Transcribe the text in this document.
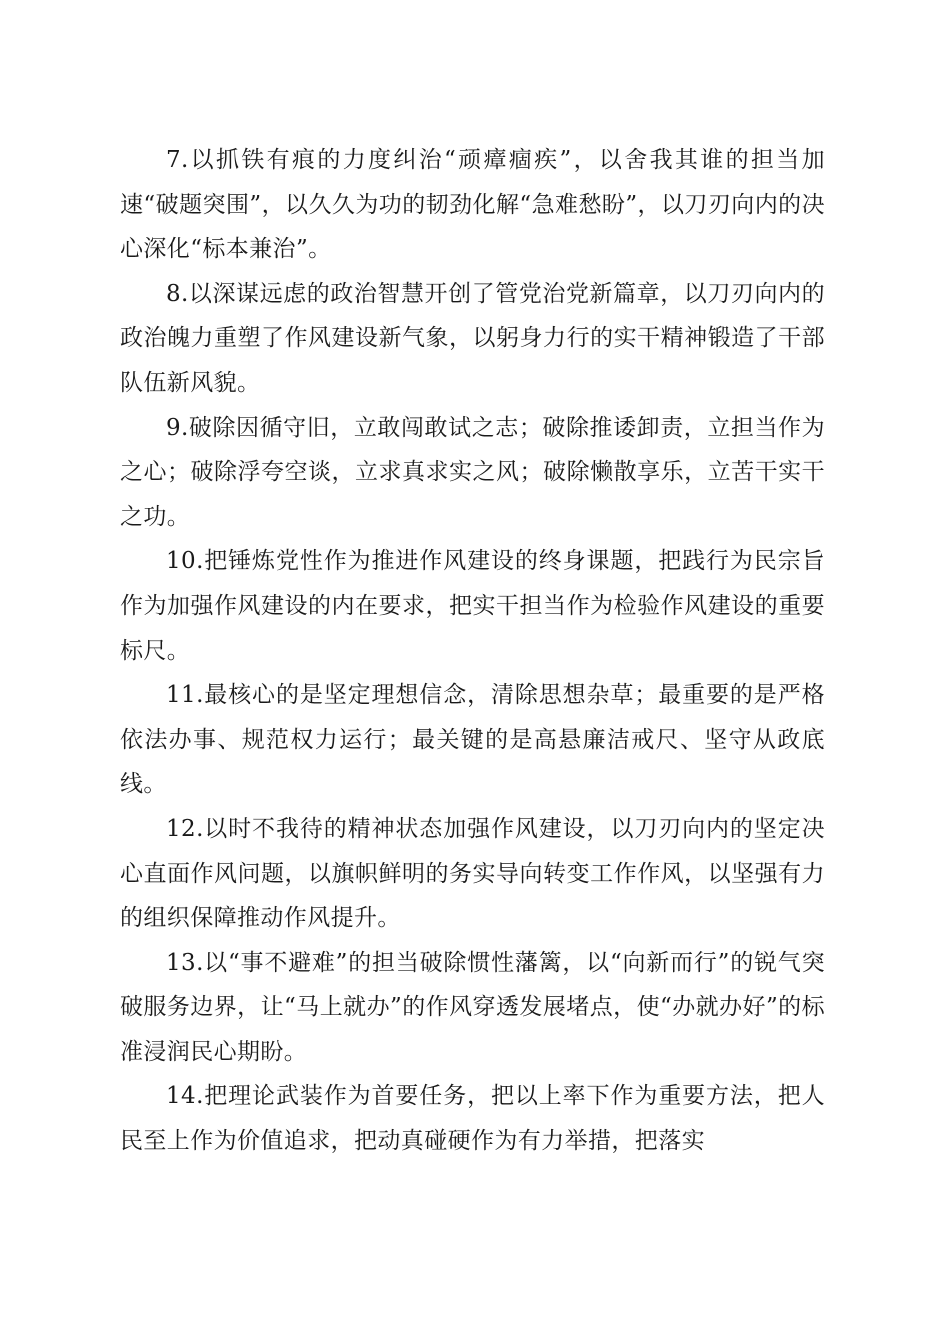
7.以抓铁有痕的力度纠治“顽瘴痼疾”，以舍我其谁的担当加速“破题突围”，以久久为功的韧劲化解“急难愁盼”，以刀刃向内的决心深化“标本兼治”。

8.以深谋远虑的政治智慧开创了管党治党新篇章，以刀刃向内的政治魄力重塑了作风建设新气象，以躬身力行的实干精神锻造了干部队伍新风貌。

9.破除因循守旧，立敢闯敢试之志；破除推诿卸责，立担当作为之心；破除浮夸空谈，立求真求实之风；破除懒散享乐，立苦干实干之功。

10.把锤炼党性作为推进作风建设的终身课题，把践行为民宗旨作为加强作风建设的内在要求，把实干担当作为检验作风建设的重要标尺。

11.最核心的是坚定理想信念，清除思想杂草；最重要的是严格依法办事、规范权力运行；最关键的是高悬廉洁戒尺、坚守从政底线。

12.以时不我待的精神状态加强作风建设，以刀刃向内的坚定决心直面作风问题，以旗帜鲜明的务实导向转变工作作风，以坚强有力的组织保障推动作风提升。

13.以“事不避难”的担当破除惯性藩篱，以“向新而行”的锐气突破服务边界，让“马上就办”的作风穿透发展堵点，使“办就办好”的标准浸润民心期盼。

14.把理论武装作为首要任务，把以上率下作为重要方法，把人民至上作为价值追求，把动真碰硬作为有力举措，把落实
